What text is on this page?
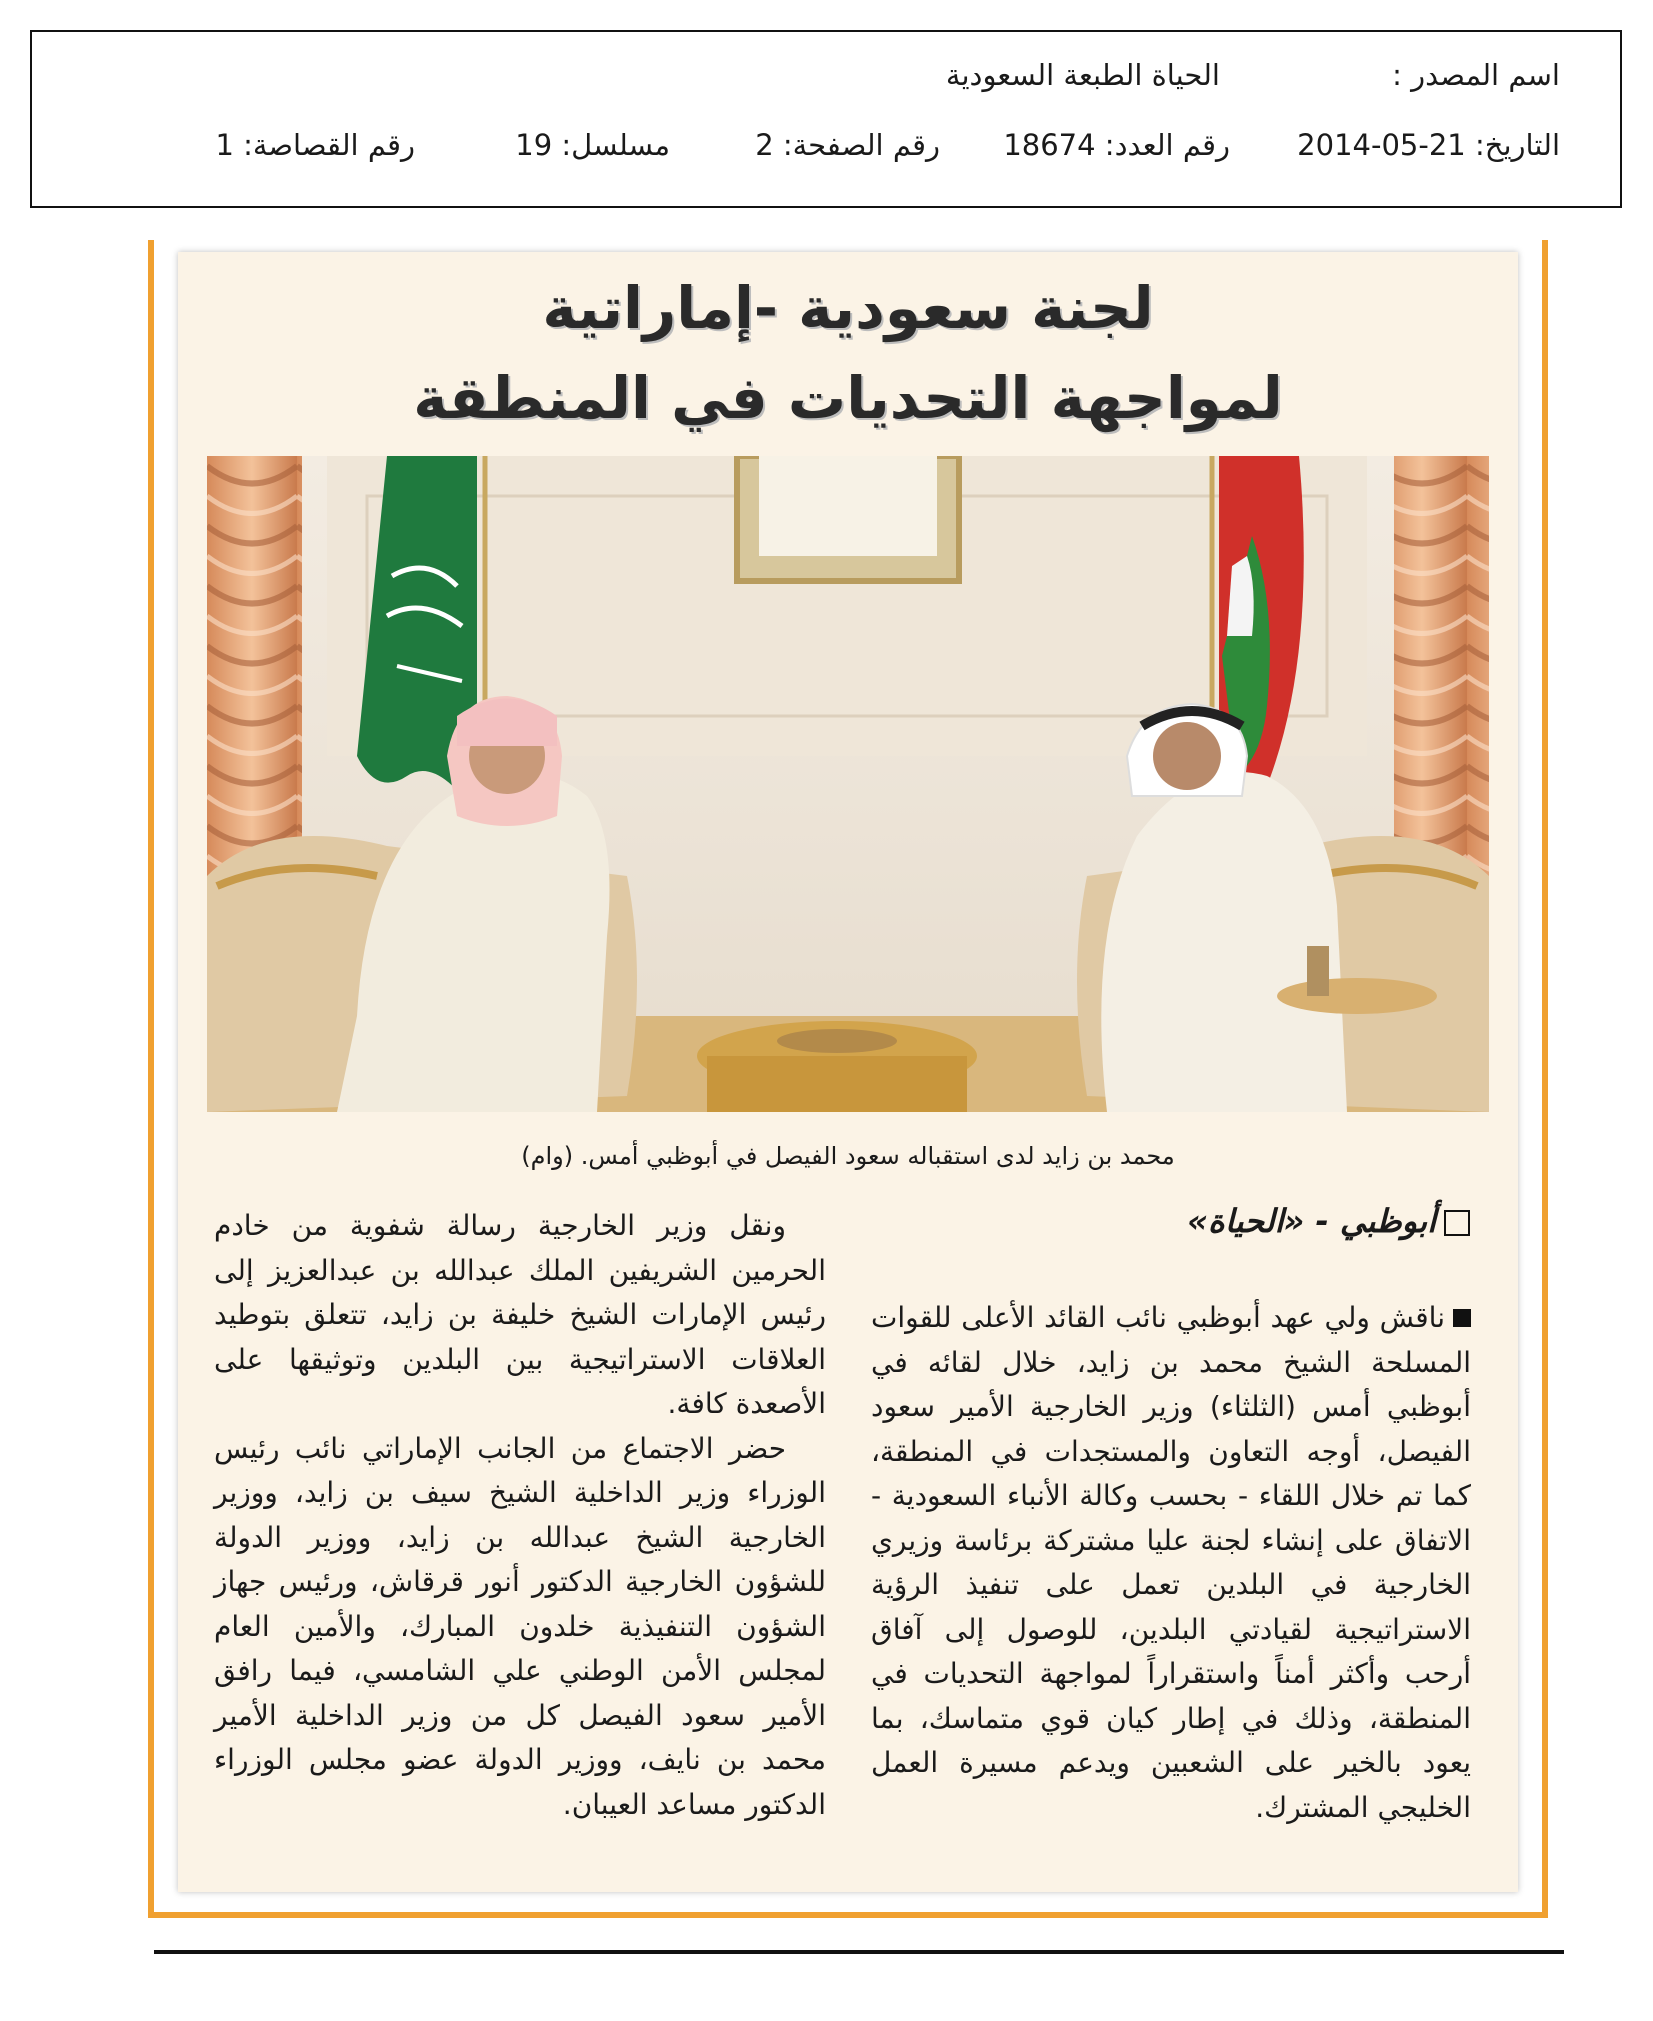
اسم المصدر :
الحياة الطبعة السعودية
التاريخ: 21-05-2014
رقم العدد: 18674
رقم الصفحة: 2
مسلسل: 19
رقم القصاصة: 1
لجنة سعودية -إماراتية
لمواجهة التحديات في المنطقة
محمد بن زايد لدى استقباله سعود الفيصل في أبوظبي أمس. (وام)
أبوظبي - «الحياة»

ناقش ولي عهد أبوظبي نائب القائد الأعلى للقوات المسلحة الشيخ محمد بن زايد، خلال لقائه في أبوظبي أمس (الثلثاء) وزير الخارجية الأمير سعود الفيصل، أوجه التعاون والمستجدات في المنطقة، كما تم خلال اللقاء - بحسب وكالة الأنباء السعودية - الاتفاق على إنشاء لجنة عليا مشتركة برئاسة وزيري الخارجية في البلدين تعمل على تنفيذ الرؤية الاستراتيجية لقيادتي البلدين، للوصول إلى آفاق أرحب وأكثر أمناً واستقراراً لمواجهة التحديات في المنطقة، وذلك في إطار كيان قوي متماسك، بما يعود بالخير على الشعبين ويدعم مسيرة العمل الخليجي المشترك.

ونقل وزير الخارجية رسالة شفوية من خادم الحرمين الشريفين الملك عبدالله بن عبدالعزيز إلى رئيس الإمارات الشيخ خليفة بن زايد، تتعلق بتوطيد العلاقات الاستراتيجية بين البلدين وتوثيقها على الأصعدة كافة.

حضر الاجتماع من الجانب الإماراتي نائب رئيس الوزراء وزير الداخلية الشيخ سيف بن زايد، ووزير الخارجية الشيخ عبدالله بن زايد، ووزير الدولة للشؤون الخارجية الدكتور أنور قرقاش، ورئيس جهاز الشؤون التنفيذية خلدون المبارك، والأمين العام لمجلس الأمن الوطني علي الشامسي، فيما رافق الأمير سعود الفيصل كل من وزير الداخلية الأمير محمد بن نايف، ووزير الدولة عضو مجلس الوزراء الدكتور مساعد العيبان.
